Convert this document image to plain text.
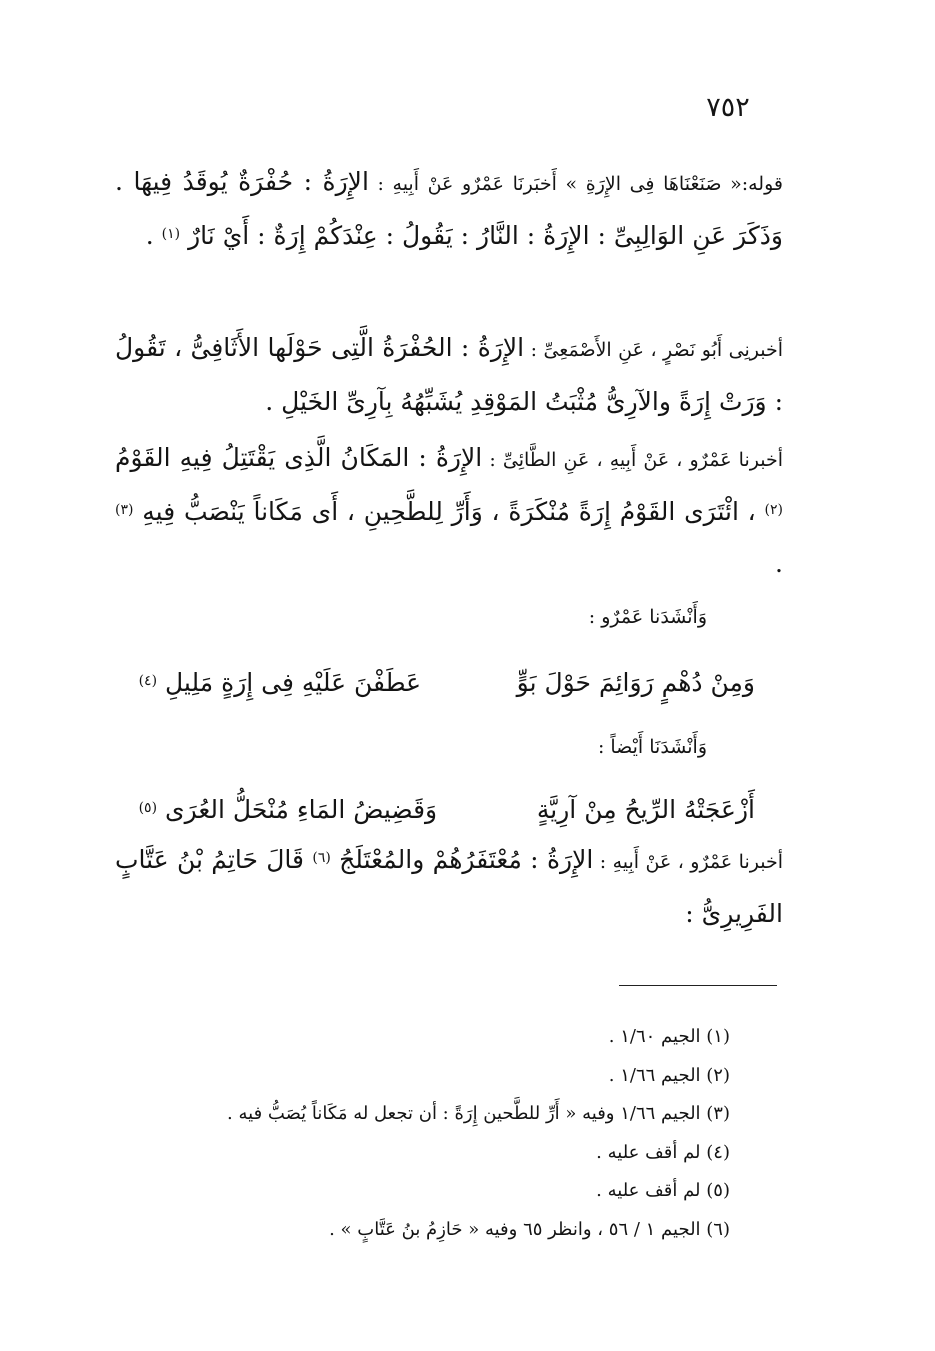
٧٥٢
قوله:« صَنَعْنَاهَا فِى الإِرَةِ » أَخبَرنَا عَمْرٌو عَنْ أَبِيهِ : الإِرَةُ : حُفْرَةٌ يُوقَدُ فِيهَا . وَذَكَرَ عَنِ الوَالِبِىِّ : الإِرَةُ : النَّارُ : يَقُولُ : عِنْدَكُمْ إِرَةٌ : أَيْ نَارٌ $^{(١)}$ .
أخبرنِى أَبُو نَصْرٍ ، عَنِ الأَصْمَعِىِّ : الإِرَةُ : الحُفْرَةُ الَّتِى حَوْلَها الأَثَافِىُّ ، تَقُولُ : وَرَتْ إِرَةً والآرِىُّ مُثْبَتُ المَوْقِدِ يُشَبِّهُهُ بِآرِىِّ الخَيْلِ .
أخبرنا عَمْرٌو ، عَنْ أَبِيهِ ، عَنِ الطَّائِىِّ : الإِرَةُ : المَكَانُ الَّذِى يَقْتَتِلُ فِيهِ القَوْمُ $^{(٢)}$ ، ائْتَرَى القَوْمُ إِرَةً مُنْكَرَةً ، وَأَرِّ لِلطَّحِينِ ، أَى مَكَاناً يَنْصَبُّ فِيهِ $^{(٣)}$ .
وَأَنْشَدَنا عَمْرٌو :
وَمِنْ دُهْمٍ رَوَائِمَ حَوْلَ بَوٍّعَطَفْنَ عَلَيْهِ فِى إِرَةٍ مَلِيلِ $^{(٤)}$
وَأَنْشَدَنَا أَيْضاً :
أَزْعَجَتْهُ الرِّيحُ مِنْ آرِيَّةٍوَقَضِيضُ المَاءِ مُنْحَلُّ العُرَى $^{(٥)}$
أخبرنا عَمْرٌو ، عَنْ أَبِيهِ : الإِرَةُ : مُعْتَفَرُهُمْ والمُعْتَلَجُ $^{(٦)}$ قَالَ حَاتِمُ بْنُ عَتَّابٍ الفَرِيرِىُّ :
(١) الجيم ١/٦٠ .
(٢) الجيم ١/٦٦ .
(٣) الجيم ١/٦٦ وفيه « أَرِّ للطَّحين إِرَةً : أن تجعل له مَكَاناً يُصَبُّ فيه .
(٤) لم أقف عليه .
(٥) لم أقف عليه .
(٦) الجيم ١ / ٥٦ ، وانظر ٦٥ وفيه « حَازِمُ بنُ عَتَّابٍ » .
